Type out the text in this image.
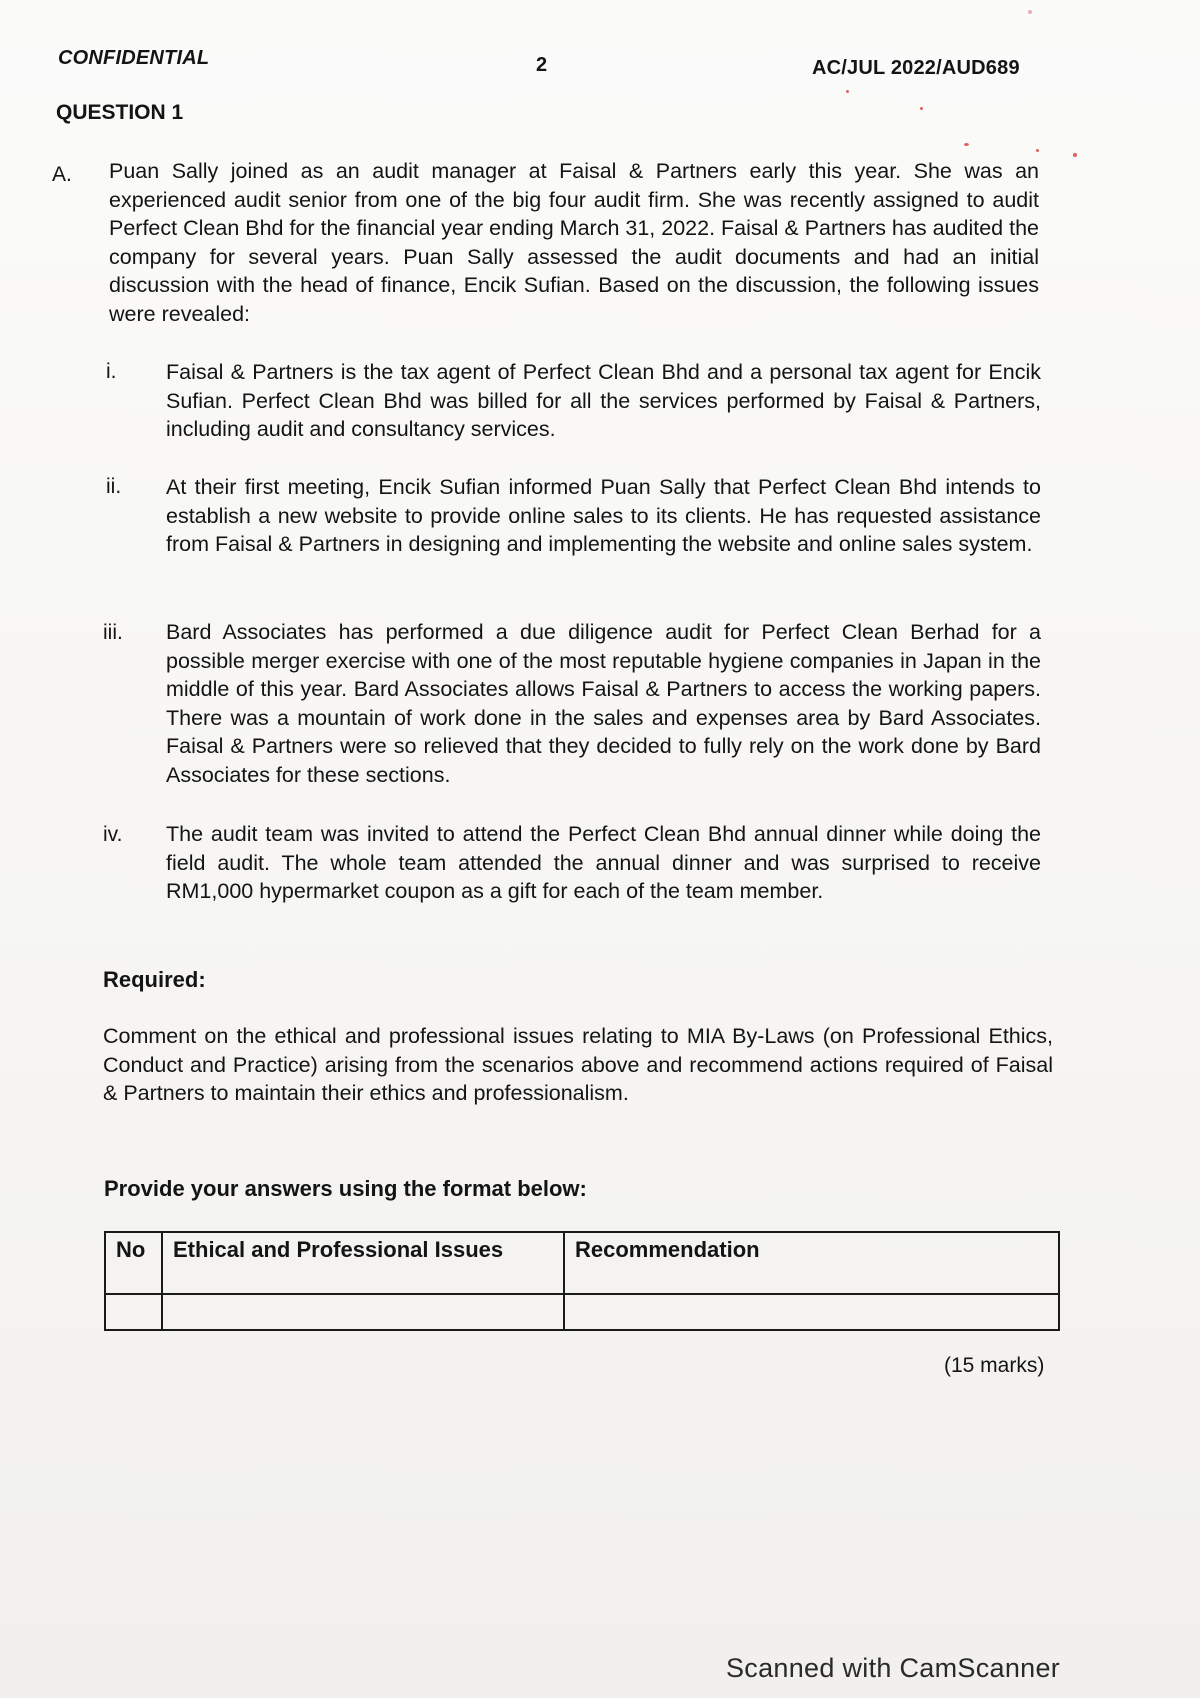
CONFIDENTIAL	2	AC/JUL 2022/AUD689
QUESTION 1
A. Puan Sally joined as an audit manager at Faisal & Partners early this year. She was an experienced audit senior from one of the big four audit firm. She was recently assigned to audit Perfect Clean Bhd for the financial year ending March 31, 2022. Faisal & Partners has audited the company for several years. Puan Sally assessed the audit documents and had an initial discussion with the head of finance, Encik Sufian. Based on the discussion, the following issues were revealed:
i. Faisal & Partners is the tax agent of Perfect Clean Bhd and a personal tax agent for Encik Sufian. Perfect Clean Bhd was billed for all the services performed by Faisal & Partners, including audit and consultancy services.
ii. At their first meeting, Encik Sufian informed Puan Sally that Perfect Clean Bhd intends to establish a new website to provide online sales to its clients. He has requested assistance from Faisal & Partners in designing and implementing the website and online sales system.
iii. Bard Associates has performed a due diligence audit for Perfect Clean Berhad for a possible merger exercise with one of the most reputable hygiene companies in Japan in the middle of this year. Bard Associates allows Faisal & Partners to access the working papers. There was a mountain of work done in the sales and expenses area by Bard Associates. Faisal & Partners were so relieved that they decided to fully rely on the work done by Bard Associates for these sections.
iv. The audit team was invited to attend the Perfect Clean Bhd annual dinner while doing the field audit. The whole team attended the annual dinner and was surprised to receive RM1,000 hypermarket coupon as a gift for each of the team member.
Required:
Comment on the ethical and professional issues relating to MIA By-Laws (on Professional Ethics, Conduct and Practice) arising from the scenarios above and recommend actions required of Faisal & Partners to maintain their ethics and professionalism.
Provide your answers using the format below:
No	Ethical and Professional Issues	Recommendation

(15 marks)
Scanned with CamScanner
